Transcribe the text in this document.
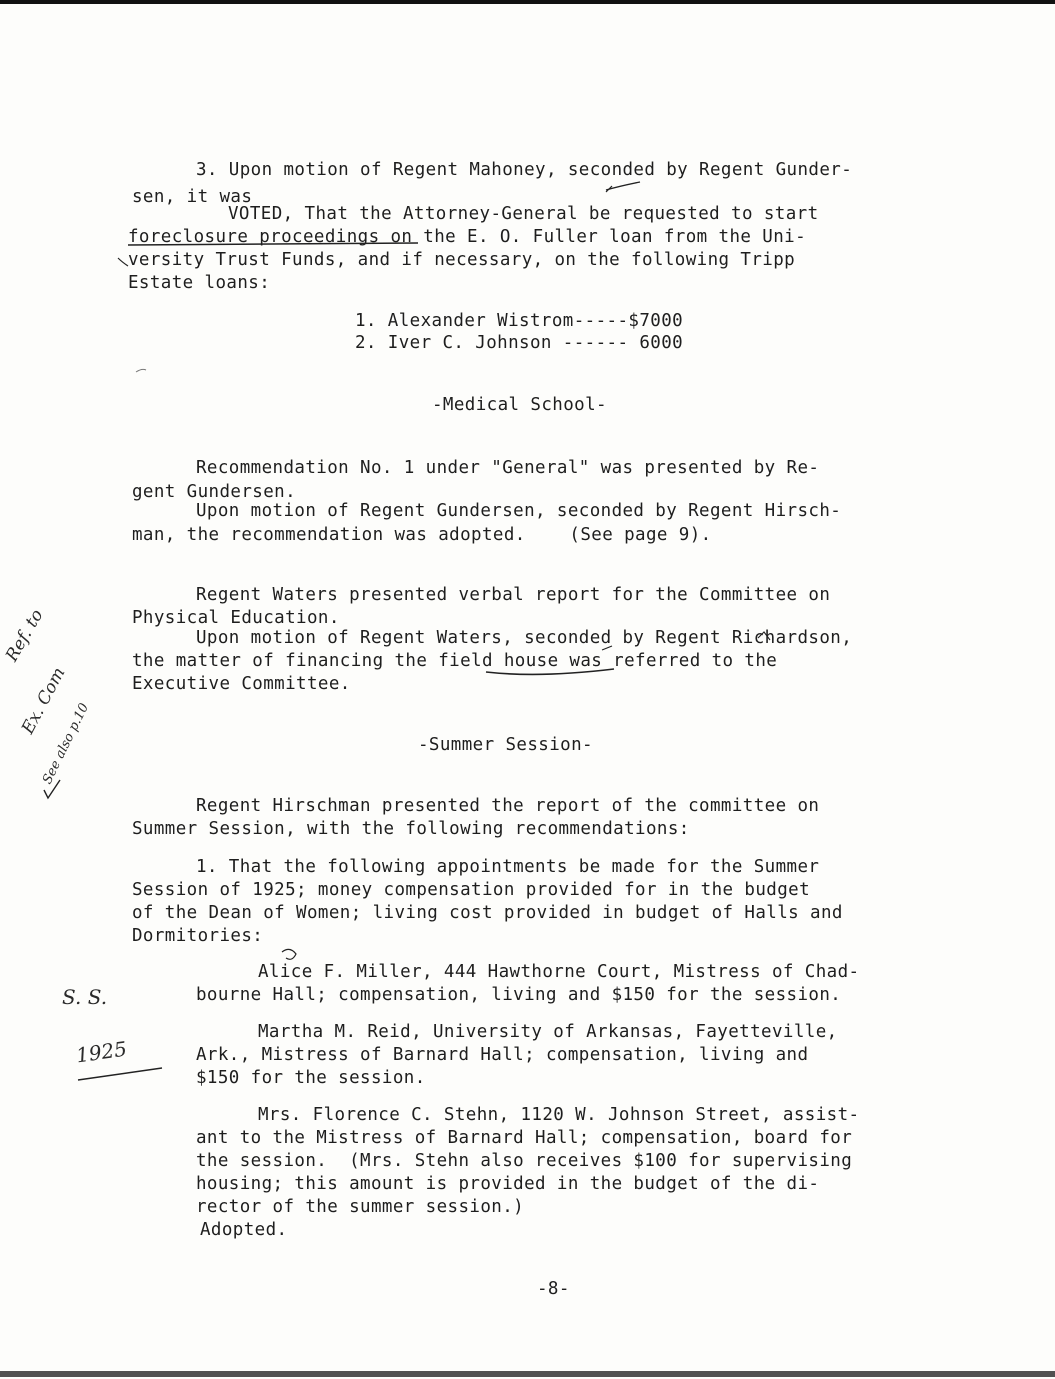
3. Upon motion of Regent Mahoney, seconded by Regent Gunder-
sen, it was
VOTED, That the Attorney-General be requested to start
foreclosure proceedings on the E. O. Fuller loan from the Uni-
versity Trust Funds, and if necessary, on the following Tripp
Estate loans:
1. Alexander Wistrom-----$7000
2. Iver C. Johnson ------ 6000
-Medical School-
Recommendation No. 1 under "General" was presented by Re-
gent Gundersen.
Upon motion of Regent Gundersen, seconded by Regent Hirsch-
man, the recommendation was adopted.    (See page 9).
Regent Waters presented verbal report for the Committee on
Physical Education.
Upon motion of Regent Waters, seconded by Regent Richardson,
the matter of financing the field house was referred to the
Executive Committee.
-Summer Session-
Regent Hirschman presented the report of the committee on
Summer Session, with the following recommendations:
1. That the following appointments be made for the Summer
Session of 1925; money compensation provided for in the budget
of the Dean of Women; living cost provided in budget of Halls and
Dormitories:
Alice F. Miller, 444 Hawthorne Court, Mistress of Chad-
bourne Hall; compensation, living and $150 for the session.
Martha M. Reid, University of Arkansas, Fayetteville,
Ark., Mistress of Barnard Hall; compensation, living and
$150 for the session.
Mrs. Florence C. Stehn, 1120 W. Johnson Street, assist-
ant to the Mistress of Barnard Hall; compensation, board for
the session.  (Mrs. Stehn also receives $100 for supervising
housing; this amount is provided in the budget of the di-
rector of the summer session.)
Adopted.
-8-
Ref. to
Ex. Com
See also p.10
S. S.
1925
